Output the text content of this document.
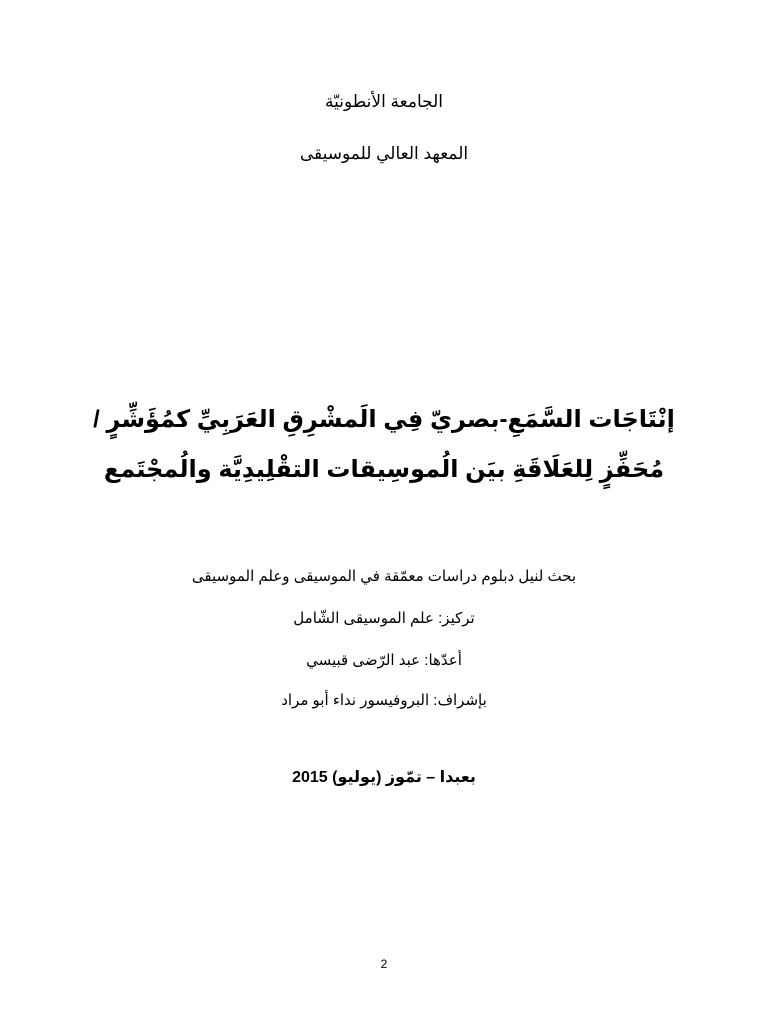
الجامعة الأنطونيّة
المعهد العالي للموسيقى
إنْتَاجَات السَّمَعِ-بصريّ فِي الَمشْرِقِ العَرَبِيِّ كمُؤَشِّرٍ /
مُحَفِّزٍ لِلعَلَاقَةِ بيَن الُموسِيقات التقْلِيدِيَّة والُمجْتَمع
بحث لنيل دبلوم دراسات معمّقة في الموسيقى وعلم الموسيقى
تركيز: علم الموسيقى الشّامل
أعدّها: عبد الرّضى قبيسي
بإشراف: البروفيسور نداء أبو مراد
بعبدا – تمّوز (يوليو) 2015
2
